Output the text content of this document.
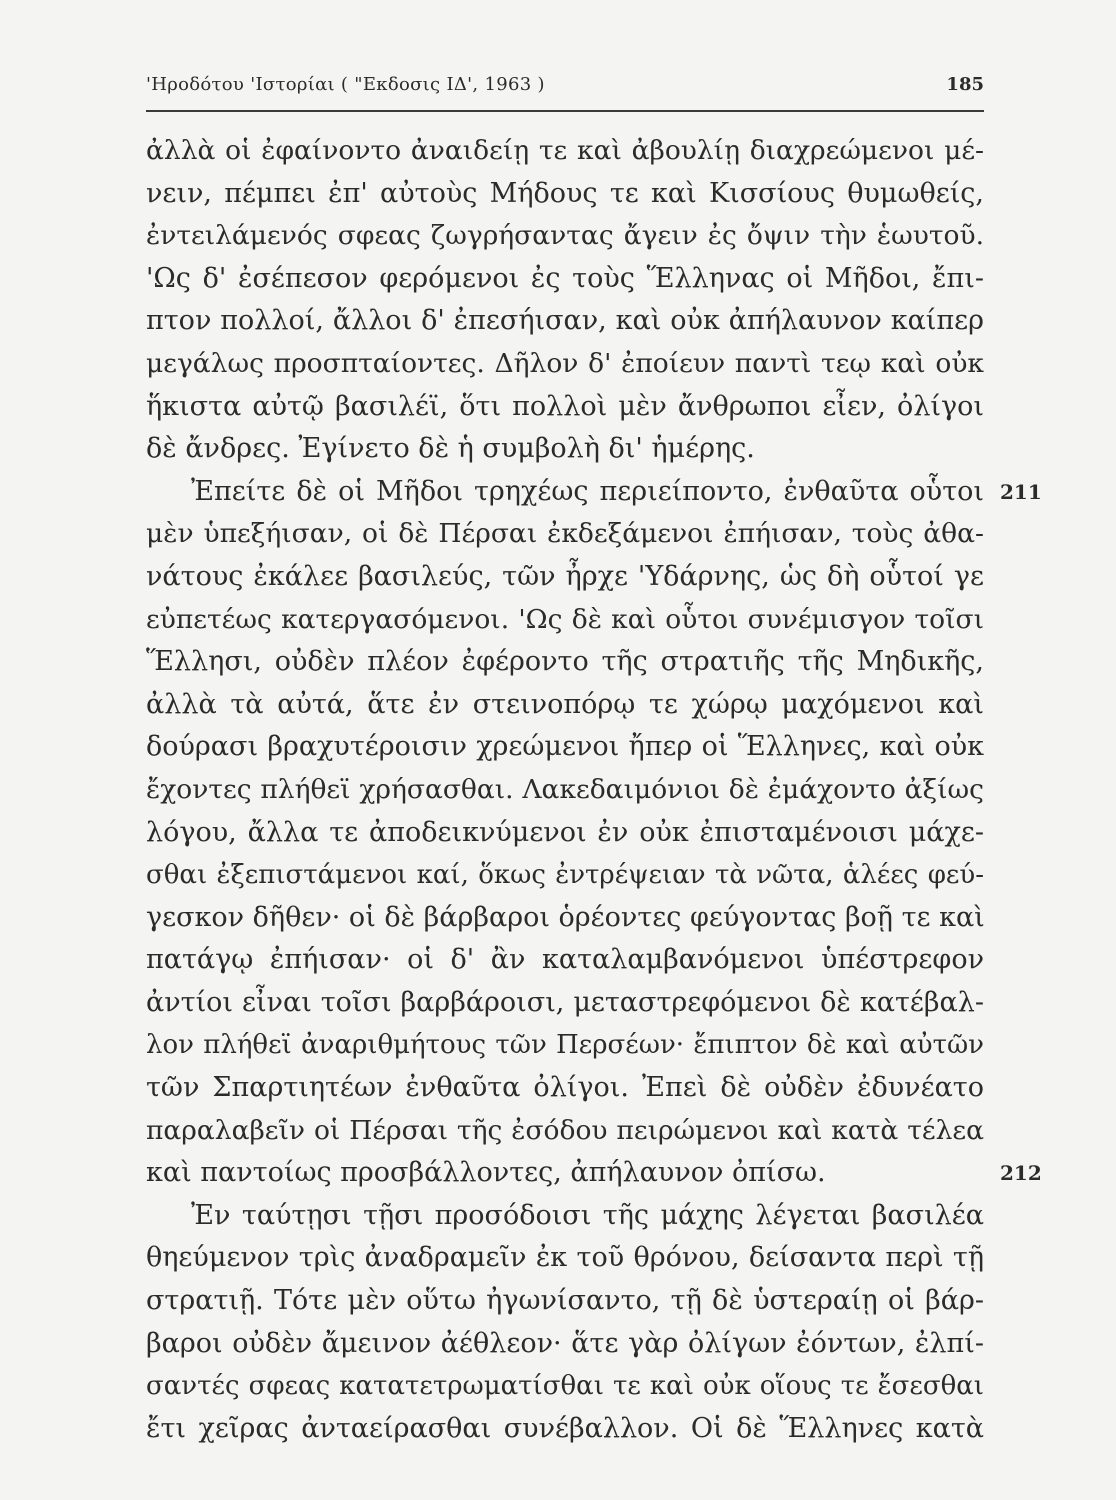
'Ηροδότου 'Ιστορίαι ( "Εκδοσις ΙΔ', 1963 )	185
ἀλλὰ οἱ ἐφαίνοντο ἀναιδείῃ τε καὶ ἀβουλίῃ διαχρεώμενοι μέ-
νειν, πέμπει ἐπ' αὐτοὺς Μήδους τε καὶ Κισσίους θυμωθείς,
ἐντειλάμενός σφεας ζωγρήσαντας ἄγειν ἐς ὄψιν τὴν ἑωυτοῦ.
'Ως δ' ἐσέπεσον φερόμενοι ἐς τοὺς Ἕλληνας οἱ Μῆδοι, ἔπι-
πτον πολλοί, ἄλλοι δ' ἐπεσήισαν, καὶ οὐκ ἀπήλαυνον καίπερ
μεγάλως προσπταίοντες. Δῆλον δ' ἐποίευν παντὶ τεῳ καὶ οὐκ
ἥκιστα αὐτῷ βασιλέϊ, ὅτι πολλοὶ μὲν ἄνθρωποι εἶεν, ὀλίγοι
δὲ ἄνδρες. Ἐγίνετο δὲ ἡ συμβολὴ δι' ἡμέρης.
Ἐπείτε δὲ οἱ Μῆδοι τρηχέως περιείποντο, ἐνθαῦτα οὗτοι
μὲν ὑπεξήισαν, οἱ δὲ Πέρσαι ἐκδεξάμενοι ἐπήισαν, τοὺς ἀθα-
νάτους ἐκάλεε βασιλεύς, τῶν ἦρχε 'Υδάρνης, ὡς δὴ οὗτοί γε
εὐπετέως κατεργασόμενοι. 'Ως δὲ καὶ οὗτοι συνέμισγον τοῖσι
Ἕλλησι, οὐδὲν πλέον ἐφέροντο τῆς στρατιῆς τῆς Μηδικῆς,
ἀλλὰ τὰ αὐτά, ἅτε ἐν στεινοπόρῳ τε χώρῳ μαχόμενοι καὶ
δούρασι βραχυτέροισιν χρεώμενοι ἤπερ οἱ Ἕλληνες, καὶ οὐκ
ἔχοντες πλήθεϊ χρήσασθαι. Λακεδαιμόνιοι δὲ ἐμάχοντο ἀξίως
λόγου, ἄλλα τε ἀποδεικνύμενοι ἐν οὐκ ἐπισταμένοισι μάχε-
σθαι ἐξεπιστάμενοι καί, ὅκως ἐντρέψειαν τὰ νῶτα, ἁλέες φεύ-
γεσκον δῆθεν· οἱ δὲ βάρβαροι ὁρέοντες φεύγοντας βοῇ τε καὶ
πατάγῳ ἐπήισαν· οἱ δ' ἂν καταλαμβανόμενοι ὑπέστρεφον
ἀντίοι εἶναι τοῖσι βαρβάροισι, μεταστρεφόμενοι δὲ κατέβαλ-
λον πλήθεϊ ἀναριθμήτους τῶν Περσέων· ἔπιπτον δὲ καὶ αὐτῶν
τῶν Σπαρτιητέων ἐνθαῦτα ὀλίγοι. Ἐπεὶ δὲ οὐδὲν ἐδυνέατο
παραλαβεῖν οἱ Πέρσαι τῆς ἐσόδου πειρώμενοι καὶ κατὰ τέλεα
καὶ παντοίως προσβάλλοντες, ἀπήλαυνον ὀπίσω.
Ἐν ταύτῃσι τῇσι προσόδοισι τῆς μάχης λέγεται βασιλέα
θηεύμενον τρὶς ἀναδραμεῖν ἐκ τοῦ θρόνου, δείσαντα περὶ τῇ
στρατιῇ. Τότε μὲν οὕτω ἠγωνίσαντο, τῇ δὲ ὑστεραίῃ οἱ βάρ-
βαροι οὐδὲν ἄμεινον ἀέθλεον· ἅτε γὰρ ὀλίγων ἐόντων, ἐλπί-
σαντές σφεας κατατετρωματίσθαι τε καὶ οὐκ οἵους τε ἔσεσθαι
ἔτι χεῖρας ἀνταείρασθαι συνέβαλλον. Οἱ δὲ Ἕλληνες κατὰ
211
212
